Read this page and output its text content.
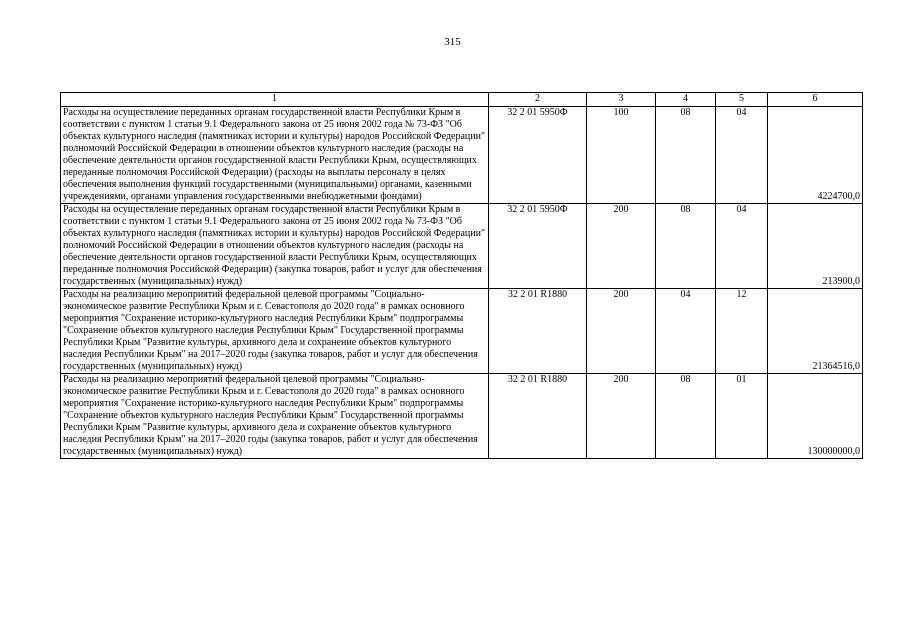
315
1	2	3	4	5	6
Расходы на осуществление переданных органам государственной власти Республики Крым в соответствии с пунктом 1 статьи 9.1 Федерального закона от 25 июня 2002 года № 73-ФЗ "Об объектах культурного наследия (памятниках истории и культуры) народов Российской Федерации" полномочий Российской Федерации в отношении объектов культурного наследия (расходы на обеспечение деятельности органов государственной власти Республики Крым, осуществляющих переданные полномочия Российской Федерации) (расходы на выплаты персоналу в целях обеспечения выполнения функций государственными (муниципальными) органами, казенными учреждениями, органами управления государственными внебюджетными фондами)	32 2 01 5950Ф	100	08	04	4224700,0
Расходы на осуществление переданных органам государственной власти Республики Крым в соответствии с пунктом 1 статьи 9.1 Федерального закона от 25 июня 2002 года № 73-ФЗ "Об объектах культурного наследия (памятниках истории и культуры) народов Российской Федерации" полномочий Российской Федерации в отношении объектов культурного наследия (расходы на обеспечение деятельности органов государственной власти Республики Крым, осуществляющих переданные полномочия Российской Федерации) (закупка товаров, работ и услуг для обеспечения государственных (муниципальных) нужд)	32 2 01 5950Ф	200	08	04	213900,0
Расходы на реализацию мероприятий федеральной целевой программы "Социально-экономическое развитие Республики Крым и г. Севастополя до 2020 года" в рамках основного мероприятия "Сохранение историко-культурного наследия Республики Крым" подпрограммы "Сохранение объектов культурного наследия Республики Крым" Государственной программы Республики Крым "Развитие культуры, архивного дела и сохранение объектов культурного наследия Республики Крым" на 2017–2020 годы (закупка товаров, работ и услуг для обеспечения государственных (муниципальных) нужд)	32 2 01 R1880	200	04	12	21364516,0
Расходы на реализацию мероприятий федеральной целевой программы "Социально-экономическое развитие Республики Крым и г. Севастополя до 2020 года" в рамках основного мероприятия "Сохранение историко-культурного наследия Республики Крым" подпрограммы "Сохранение объектов культурного наследия Республики Крым" Государственной программы Республики Крым "Развитие культуры, архивного дела и сохранение объектов культурного наследия Республики Крым" на 2017–2020 годы (закупка товаров, работ и услуг для обеспечения государственных (муниципальных) нужд)	32 2 01 R1880	200	08	01	130000000,0
